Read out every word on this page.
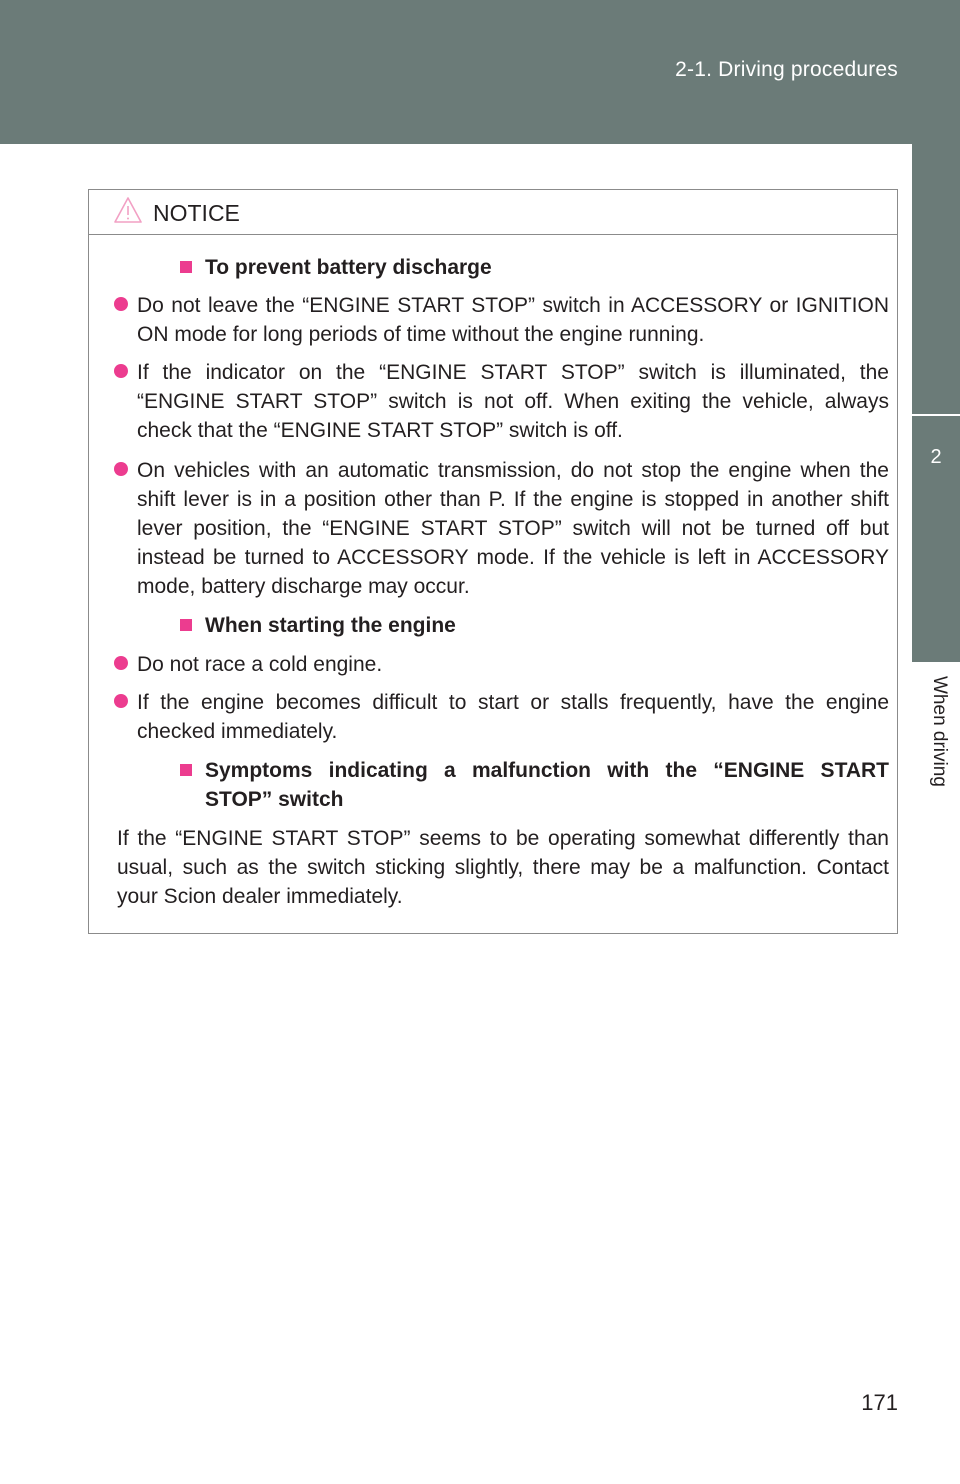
2-1. Driving procedures
2
When driving
NOTICE
To prevent battery discharge
Do not leave the “ENGINE START STOP” switch in ACCESSORY or IGNITION ON mode for long periods of time without the engine running.
If the indicator on the “ENGINE START STOP” switch is illuminated, the “ENGINE START STOP” switch is not off. When exiting the vehicle, always check that the “ENGINE START STOP” switch is off.
On vehicles with an automatic transmission, do not stop the engine when the shift lever is in a position other than P. If the engine is stopped in another shift lever position, the “ENGINE START STOP” switch will not be turned off but instead be turned to ACCESSORY mode. If the vehicle is left in ACCESSORY mode, battery discharge may occur.
When starting the engine
Do not race a cold engine.
If the engine becomes difficult to start or stalls frequently, have the engine checked immediately.
Symptoms indicating a malfunction with the “ENGINE START STOP” switch
If the “ENGINE START STOP” seems to be operating somewhat differently than usual, such as the switch sticking slightly, there may be a malfunction. Contact your Scion dealer immediately.
171
